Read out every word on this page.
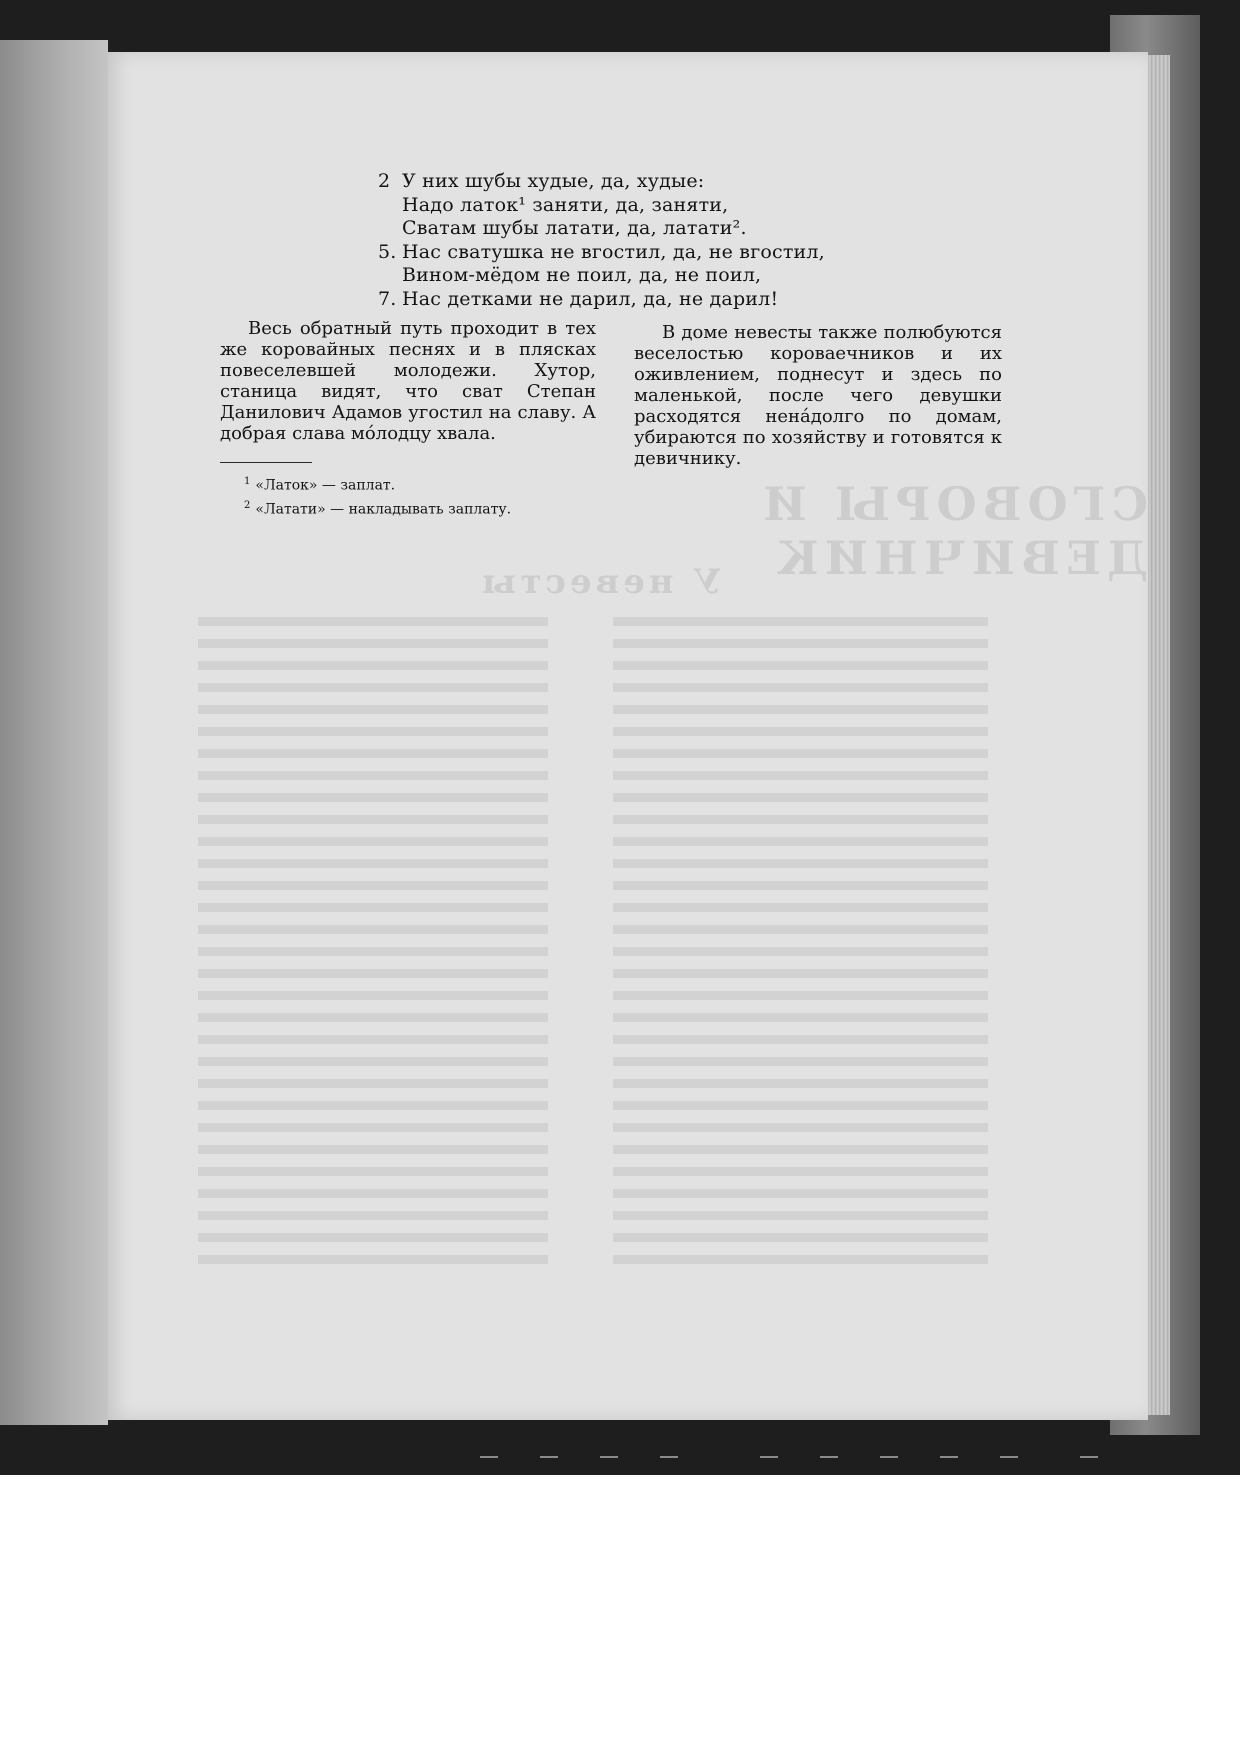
СГОВОРЫ И ДЕВИЧНИК
У невесты
2 У них шубы худые, да, худые:
Надо латок¹ заняти, да, заняти,
Сватам шубы латати, да, латати².
5. Нас сватушка не вгостил, да, не вгостил,
Вином-мёдом не поил, да, не поил,
7. Нас детками не дарил, да, не дарил!
Весь обратный путь проходит в тех же коровайных песнях и в плясках повеселевшей молодежи. Хутор, станица видят, что сват Степан Данилович Адамов угостил на славу. А добрая слава мóлодцу хвала.
В доме невесты также полюбуются веселостью короваечников и их оживлением, поднесут и здесь по маленькой, после чего девушки расходятся ненáдолго по домам, убираются по хозяйству и готовятся к девичнику.
$^1$ «Латок» — заплат.
$^2$ «Латати» — накладывать заплату.
